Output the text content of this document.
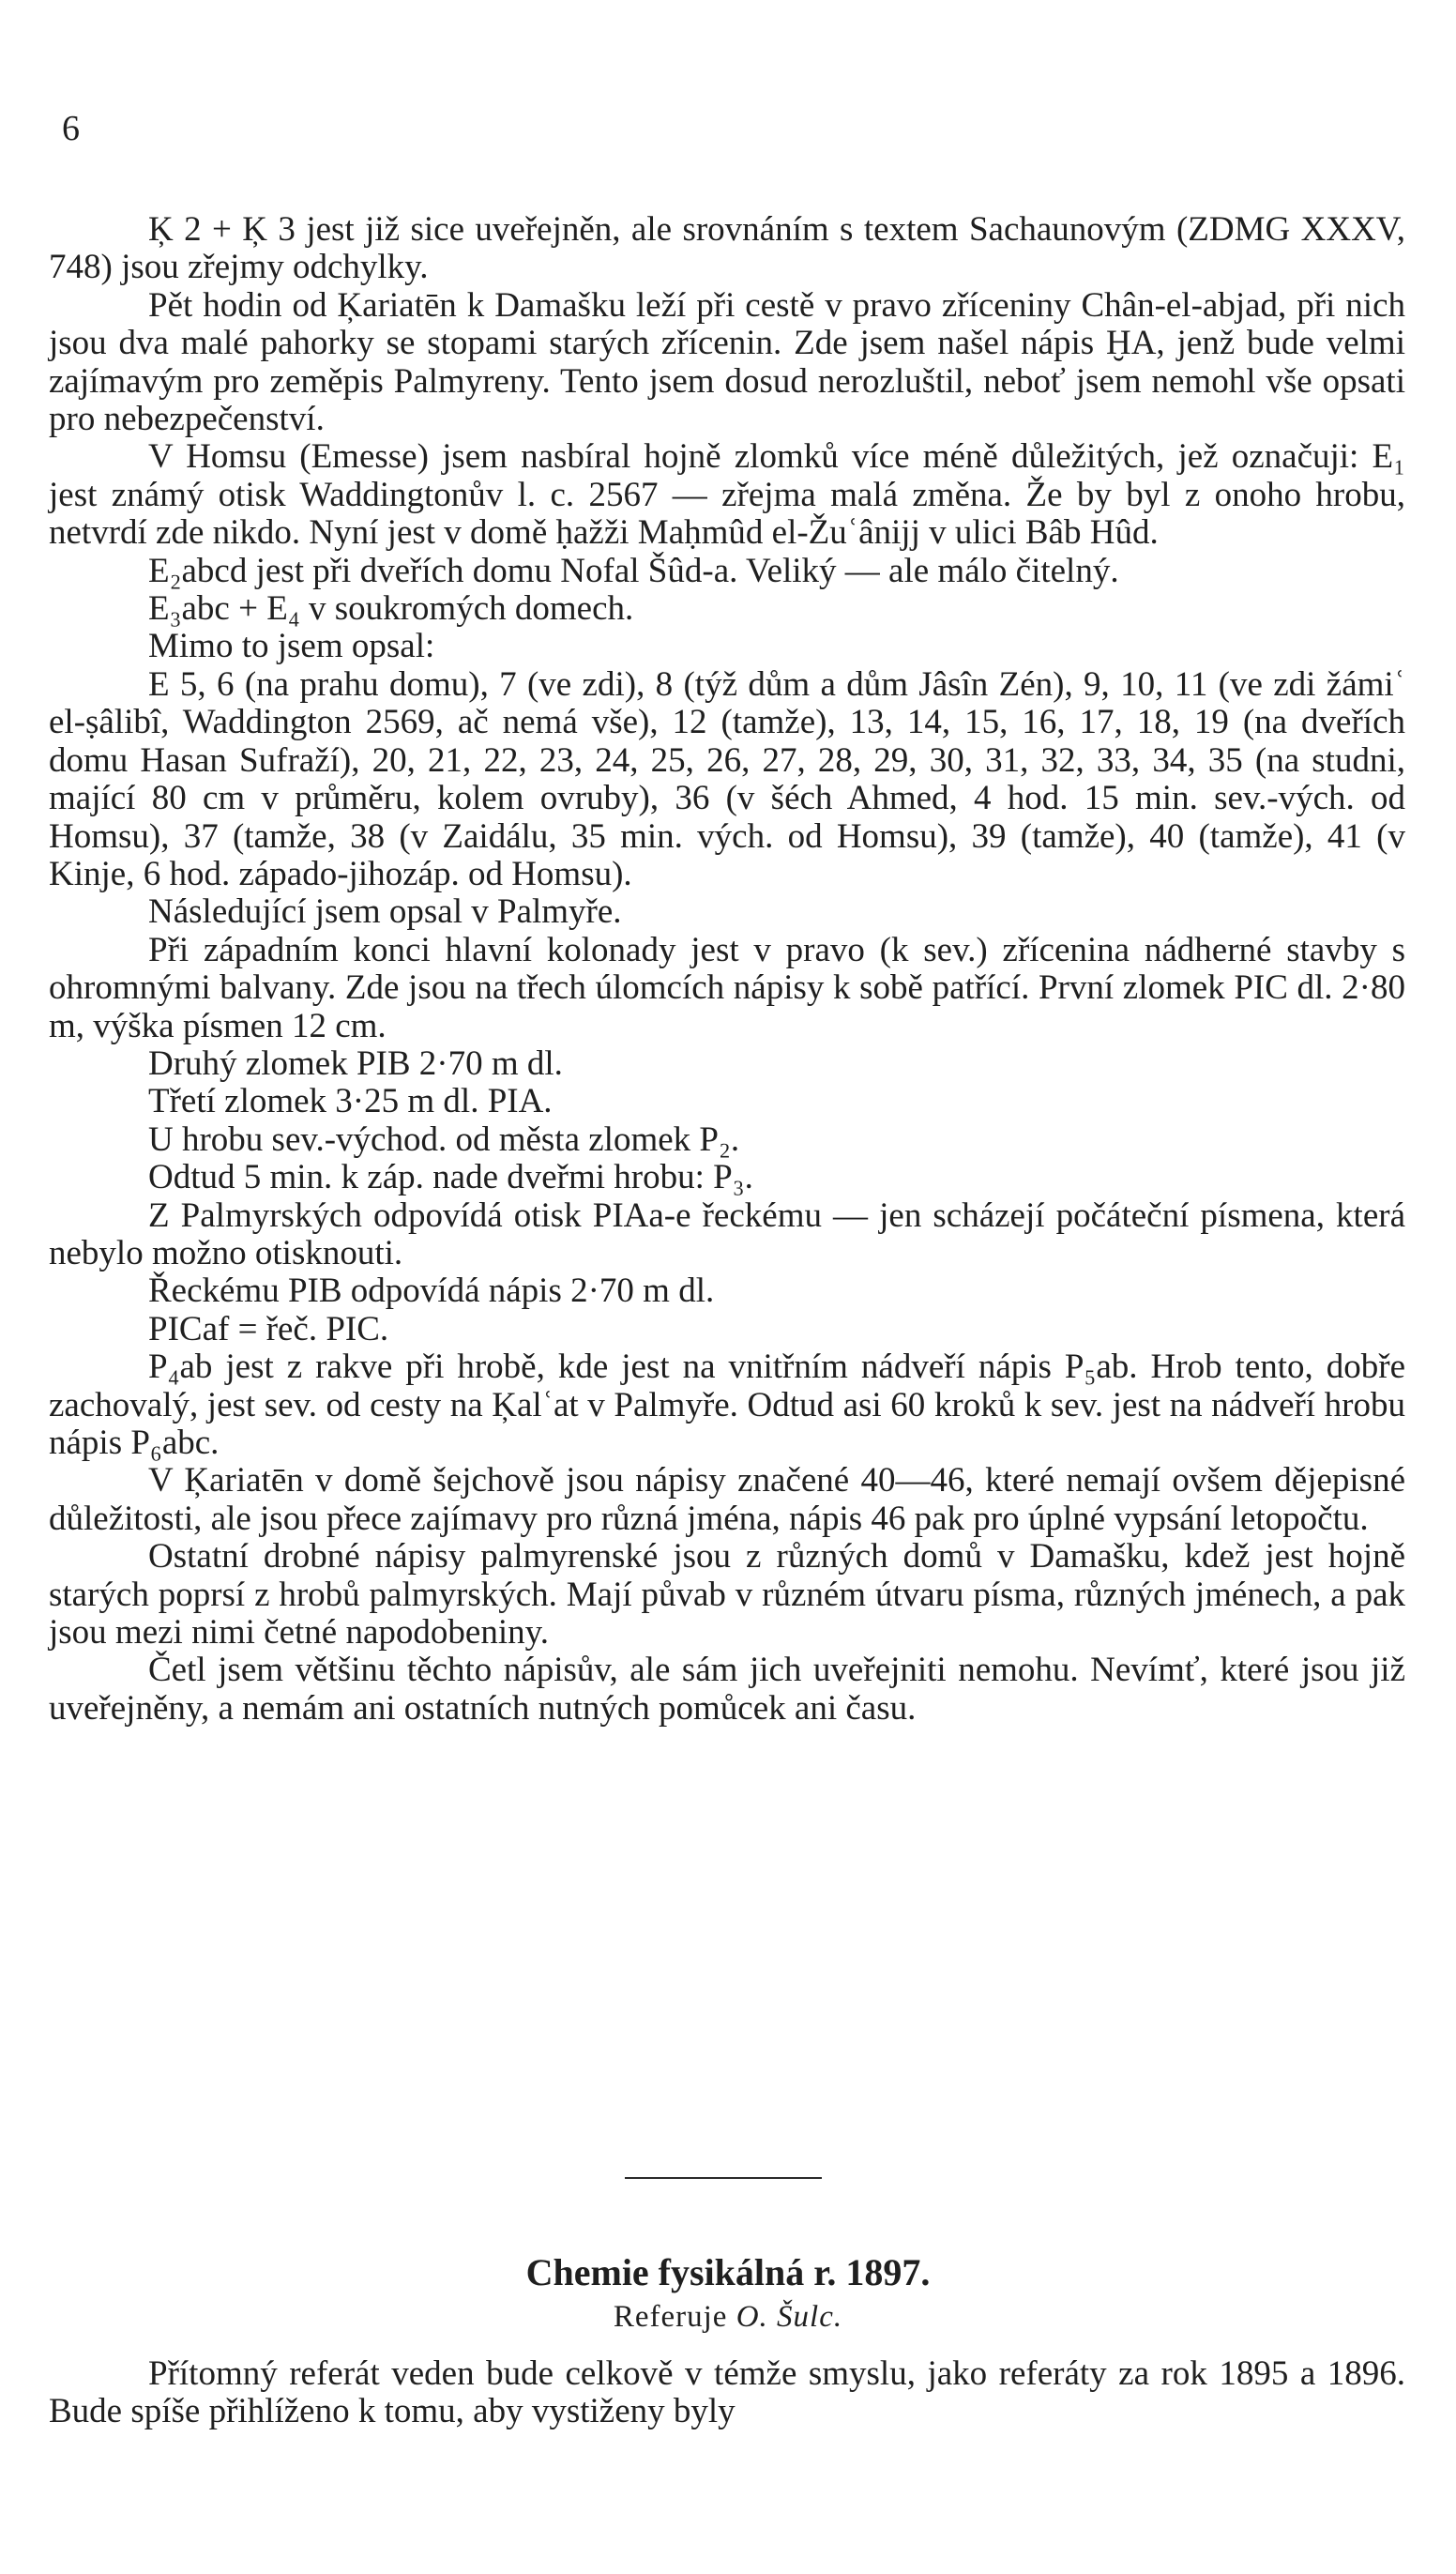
6

Ķ 2 + Ķ 3 jest již sice uveřejněn, ale srovnáním s textem Sachaunovým (ZDMG XXXV, 748) jsou zřejmy odchylky.

Pět hodin od Ķariatēn k Damašku leží při cestě v pravo zříceniny Chân-el-abjad, při nich jsou dva malé pahorky se stopami starých zřícenin. Zde jsem našel nápis ḪA, jenž bude velmi zajímavým pro zeměpis Palmyreny. Tento jsem dosud nerozluštil, neboť jsem nemohl vše opsati pro nebezpečenství.

V Homsu (Emesse) jsem nasbíral hojně zlomků více méně důležitých, jež označuji: E₁ jest známý otisk Waddingtonův l. c. 2567 — zřejma malá změna. Že by byl z onoho hrobu, netvrdí zde nikdo. Nyní jest v domě ḥažži Maḥmûd el-Žuʿânijj v ulici Bâb Hûd.

E₂abcd jest při dveřích domu Nofal Šûd-a. Veliký — ale málo čitelný.

E₃abc + E₄ v soukromých domech.

Mimo to jsem opsal:

E 5, 6 (na prahu domu), 7 (ve zdi), 8 (týž dům a dům Jâsîn Zén), 9, 10, 11 (ve zdi žámiʿ el-ṣâlibî, Waddington 2569, ač nemá vše), 12 (tamže), 13, 14, 15, 16, 17, 18, 19 (na dveřích domu Hasan Sufraží), 20, 21, 22, 23, 24, 25, 26, 27, 28, 29, 30, 31, 32, 33, 34, 35 (na studni, mající 80 cm v průměru, kolem ovruby), 36 (v šéch Ahmed, 4 hod. 15 min. sev.-vých. od Homsu), 37 (tamže, 38 (v Zaidálu, 35 min. vých. od Homsu), 39 (tamže), 40 (tamže), 41 (v Kinje, 6 hod. západo-jihozáp. od Homsu).

Následující jsem opsal v Palmyře.

Při západním konci hlavní kolonady jest v pravo (k sev.) zřícenina nádherné stavby s ohromnými balvany. Zde jsou na třech úlomcích nápisy k sobě patřící. První zlomek PIC dl. 2·80 m, výška písmen 12 cm.

Druhý zlomek PIB 2·70 m dl.

Třetí zlomek 3·25 m dl. PIA.

U hrobu sev.-východ. od města zlomek P₂.

Odtud 5 min. k záp. nade dveřmi hrobu: P₃.

Z Palmyrských odpovídá otisk PIAa-e řeckému — jen scházejí počáteční písmena, která nebylo možno otisknouti.

Řeckému PIB odpovídá nápis 2·70 m dl.

PICaf = řeč. PIC.

P₄ab jest z rakve při hrobě, kde jest na vnitřním nádveří nápis P₅ab. Hrob tento, dobře zachovalý, jest sev. od cesty na Ķalʿat v Palmyře. Odtud asi 60 kroků k sev. jest na nádveří hrobu nápis P₆abc.

V Ķariatēn v domě šejchově jsou nápisy značené 40—46, které nemají ovšem dějepisné důležitosti, ale jsou přece zajímavy pro různá jména, nápis 46 pak pro úplné vypsání letopočtu.

Ostatní drobné nápisy palmyrenské jsou z různých domů v Damašku, kdež jest hojně starých poprsí z hrobů palmyrských. Mají půvab v různém útvaru písma, různých jménech, a pak jsou mezi nimi četné napodobeniny.

Četl jsem většinu těchto nápisův, ale sám jich uveřejniti nemohu. Nevímť, které jsou již uveřejněny, a nemám ani ostatních nutných pomůcek ani času.

Chemie fysikálná r. 1897.
Referuje O. Šulc.

Přítomný referát veden bude celkově v témže smyslu, jako referáty za rok 1895 a 1896. Bude spíše přihlíženo k tomu, aby vystiženy byly
